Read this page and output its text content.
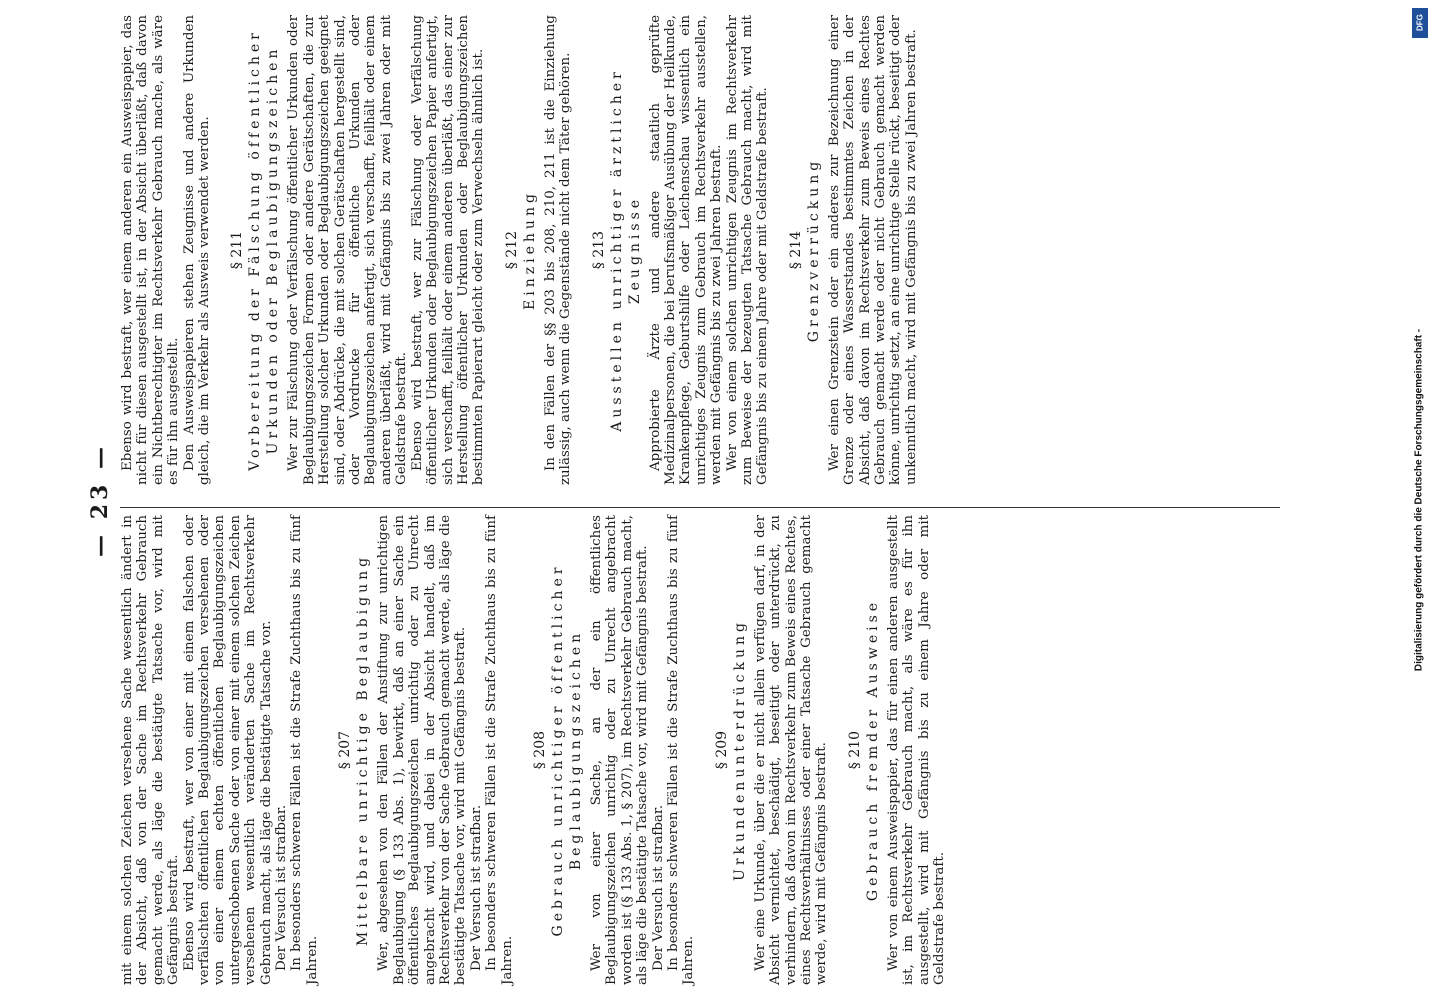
— 23 —

mit einem solchen Zeichen versehene Sache wesentlich ändert in der Absicht, daß von der Sache im Rechtsverkehr Gebrauch gemacht werde, als läge die bestätigte Tatsache vor, wird mit Gefängnis bestraft. Ebenso wird bestraft, wer von einer mit einem falschen oder verfälschten öffentlichen Beglaubigungszeichen versehenen oder von einer einem echten öffentlichen Beglaubigungszeichen untergeschobenen Sache oder von einer mit einem solchen Zeichen versehenen wesentlich veränderten Sache im Rechtsverkehr Gebrauch macht, als läge die bestätigte Tatsache vor. Der Versuch ist strafbar. In besonders schweren Fällen ist die Strafe Zuchthaus bis zu fünf Jahren.

§ 207 Mittelbare unrichtige Beglaubigung Wer, abgesehen von den Fällen der Anstiftung zur unrichtigen Beglaubigung (§ 133 Abs. 1), bewirkt, daß an einer Sache ein öffentliches Beglaubigungszeichen unrichtig oder zu Unrecht angebracht wird, und dabei in der Absicht handelt, daß im Rechtsverkehr von der Sache Gebrauch gemacht werde, als läge die bestätigte Tatsache vor, wird mit Gefängnis bestraft. Der Versuch ist strafbar. In besonders schweren Fällen ist die Strafe Zuchthaus bis zu fünf Jahren.

§ 208 Gebrauch unrichtiger öffentlicher Beglaubigungszeichen Wer von einer Sache, an der ein öffentliches Beglaubigungszeichen unrichtig oder zu Unrecht angebracht worden ist (§ 133 Abs. 1, § 207), im Rechtsverkehr Gebrauch macht, als läge die bestätigte Tatsache vor, wird mit Gefängnis bestraft. Der Versuch ist strafbar. In besonders schweren Fällen ist die Strafe Zuchthaus bis zu fünf Jahren.

§ 209 Urkundenunterdrückung Wer eine Urkunde, über die er nicht allein verfügen darf, in der Absicht vernichtet, beschädigt, beseitigt oder unterdrückt, zu verhindern, daß davon im Rechtsverkehr zum Beweis eines Rechtes, eines Rechtsverhältnisses oder einer Tatsache Gebrauch gemacht werde, wird mit Gefängnis bestraft. § 210 Gebrauch fremder Ausweise Wer von einem Ausweispapier, das für einen anderen ausgestellt ist, im Rechtsverkehr Gebrauch macht, als wäre es für ihn ausgestellt, wird mit Gefängnis bis zu einem Jahre oder mit Geldstrafe bestraft.

Ebenso wird bestraft, wer einem anderen ein Ausweispapier, das nicht für diesen ausgestellt ist, in der Absicht überläßt, daß davon ein Nichtberechtigter im Rechtsverkehr Gebrauch mache, als wäre es für ihn ausgestellt. Den Ausweispapieren stehen Zeugnisse und andere Urkunden gleich, die im Verkehr als Ausweis verwendet werden. § 211 Vorbereitung der Fälschung öffentlicher Urkunden oder Beglaubigungszeichen Wer zur Fälschung oder Verfälschung öffentlicher Urkunden oder Beglaubigungszeichen Formen oder andere Gerätschaften, die zur Herstellung solcher Urkunden oder Beglaubigungszeichen geeignet sind, oder Abdrücke, die mit solchen Gerätschaften hergestellt sind, oder Vordrucke für öffentliche Urkunden oder Beglaubigungszeichen anfertigt, sich verschafft, feilhält oder einem anderen überläßt, wird mit Gefängnis bis zu zwei Jahren oder mit Geldstrafe bestraft. Ebenso wird bestraft, wer zur Fälschung oder Verfälschung öffentlicher Urkunden oder Beglaubigungszeichen Papier anfertigt, sich verschafft, feilhält oder einem anderen überläßt, das einer zur Herstellung öffentlicher Urkunden oder Beglaubigungszeichen bestimmten Papierart gleicht oder zum Verwechseln ähnlich ist. § 212 Einziehung In den Fällen der §§ 203 bis 208, 210, 211 ist die Einziehung zulässig, auch wenn die Gegenstände nicht dem Täter gehören. § 213 Ausstellen unrichtiger ärztlicher Zeugnisse Approbierte Ärzte und andere staatlich geprüfte Medizinalpersonen, die bei berufsmäßiger Ausübung der Heilkunde, Krankenpflege, Geburtshilfe oder Leichenschau wissentlich ein unrichtiges Zeugnis zum Gebrauch im Rechtsverkehr ausstellen, werden mit Gefängnis bis zu zwei Jahren bestraft. Wer von einem solchen unrichtigen Zeugnis im Rechtsverkehr zum Beweise der bezeugten Tatsache Gebrauch macht, wird mit Gefängnis bis zu einem Jahre oder mit Geldstrafe bestraft. § 214 Grenzverrückung Wer einen Grenzstein oder ein anderes zur Bezeichnung einer Grenze oder eines Wasserstandes bestimmtes Zeichen in der Absicht, daß davon im Rechtsverkehr zum Beweis eines Rechtes Gebrauch gemacht werde oder nicht Gebrauch gemacht werden könne, unrichtig setzt, an eine unrichtige Stelle rückt, beseitigt oder unkenntlich macht, wird mit Gefängnis bis zu zwei Jahren bestraft.

Digitalisierung gefördert durch die Deutsche Forschungsgemeinschaft -
DFG
